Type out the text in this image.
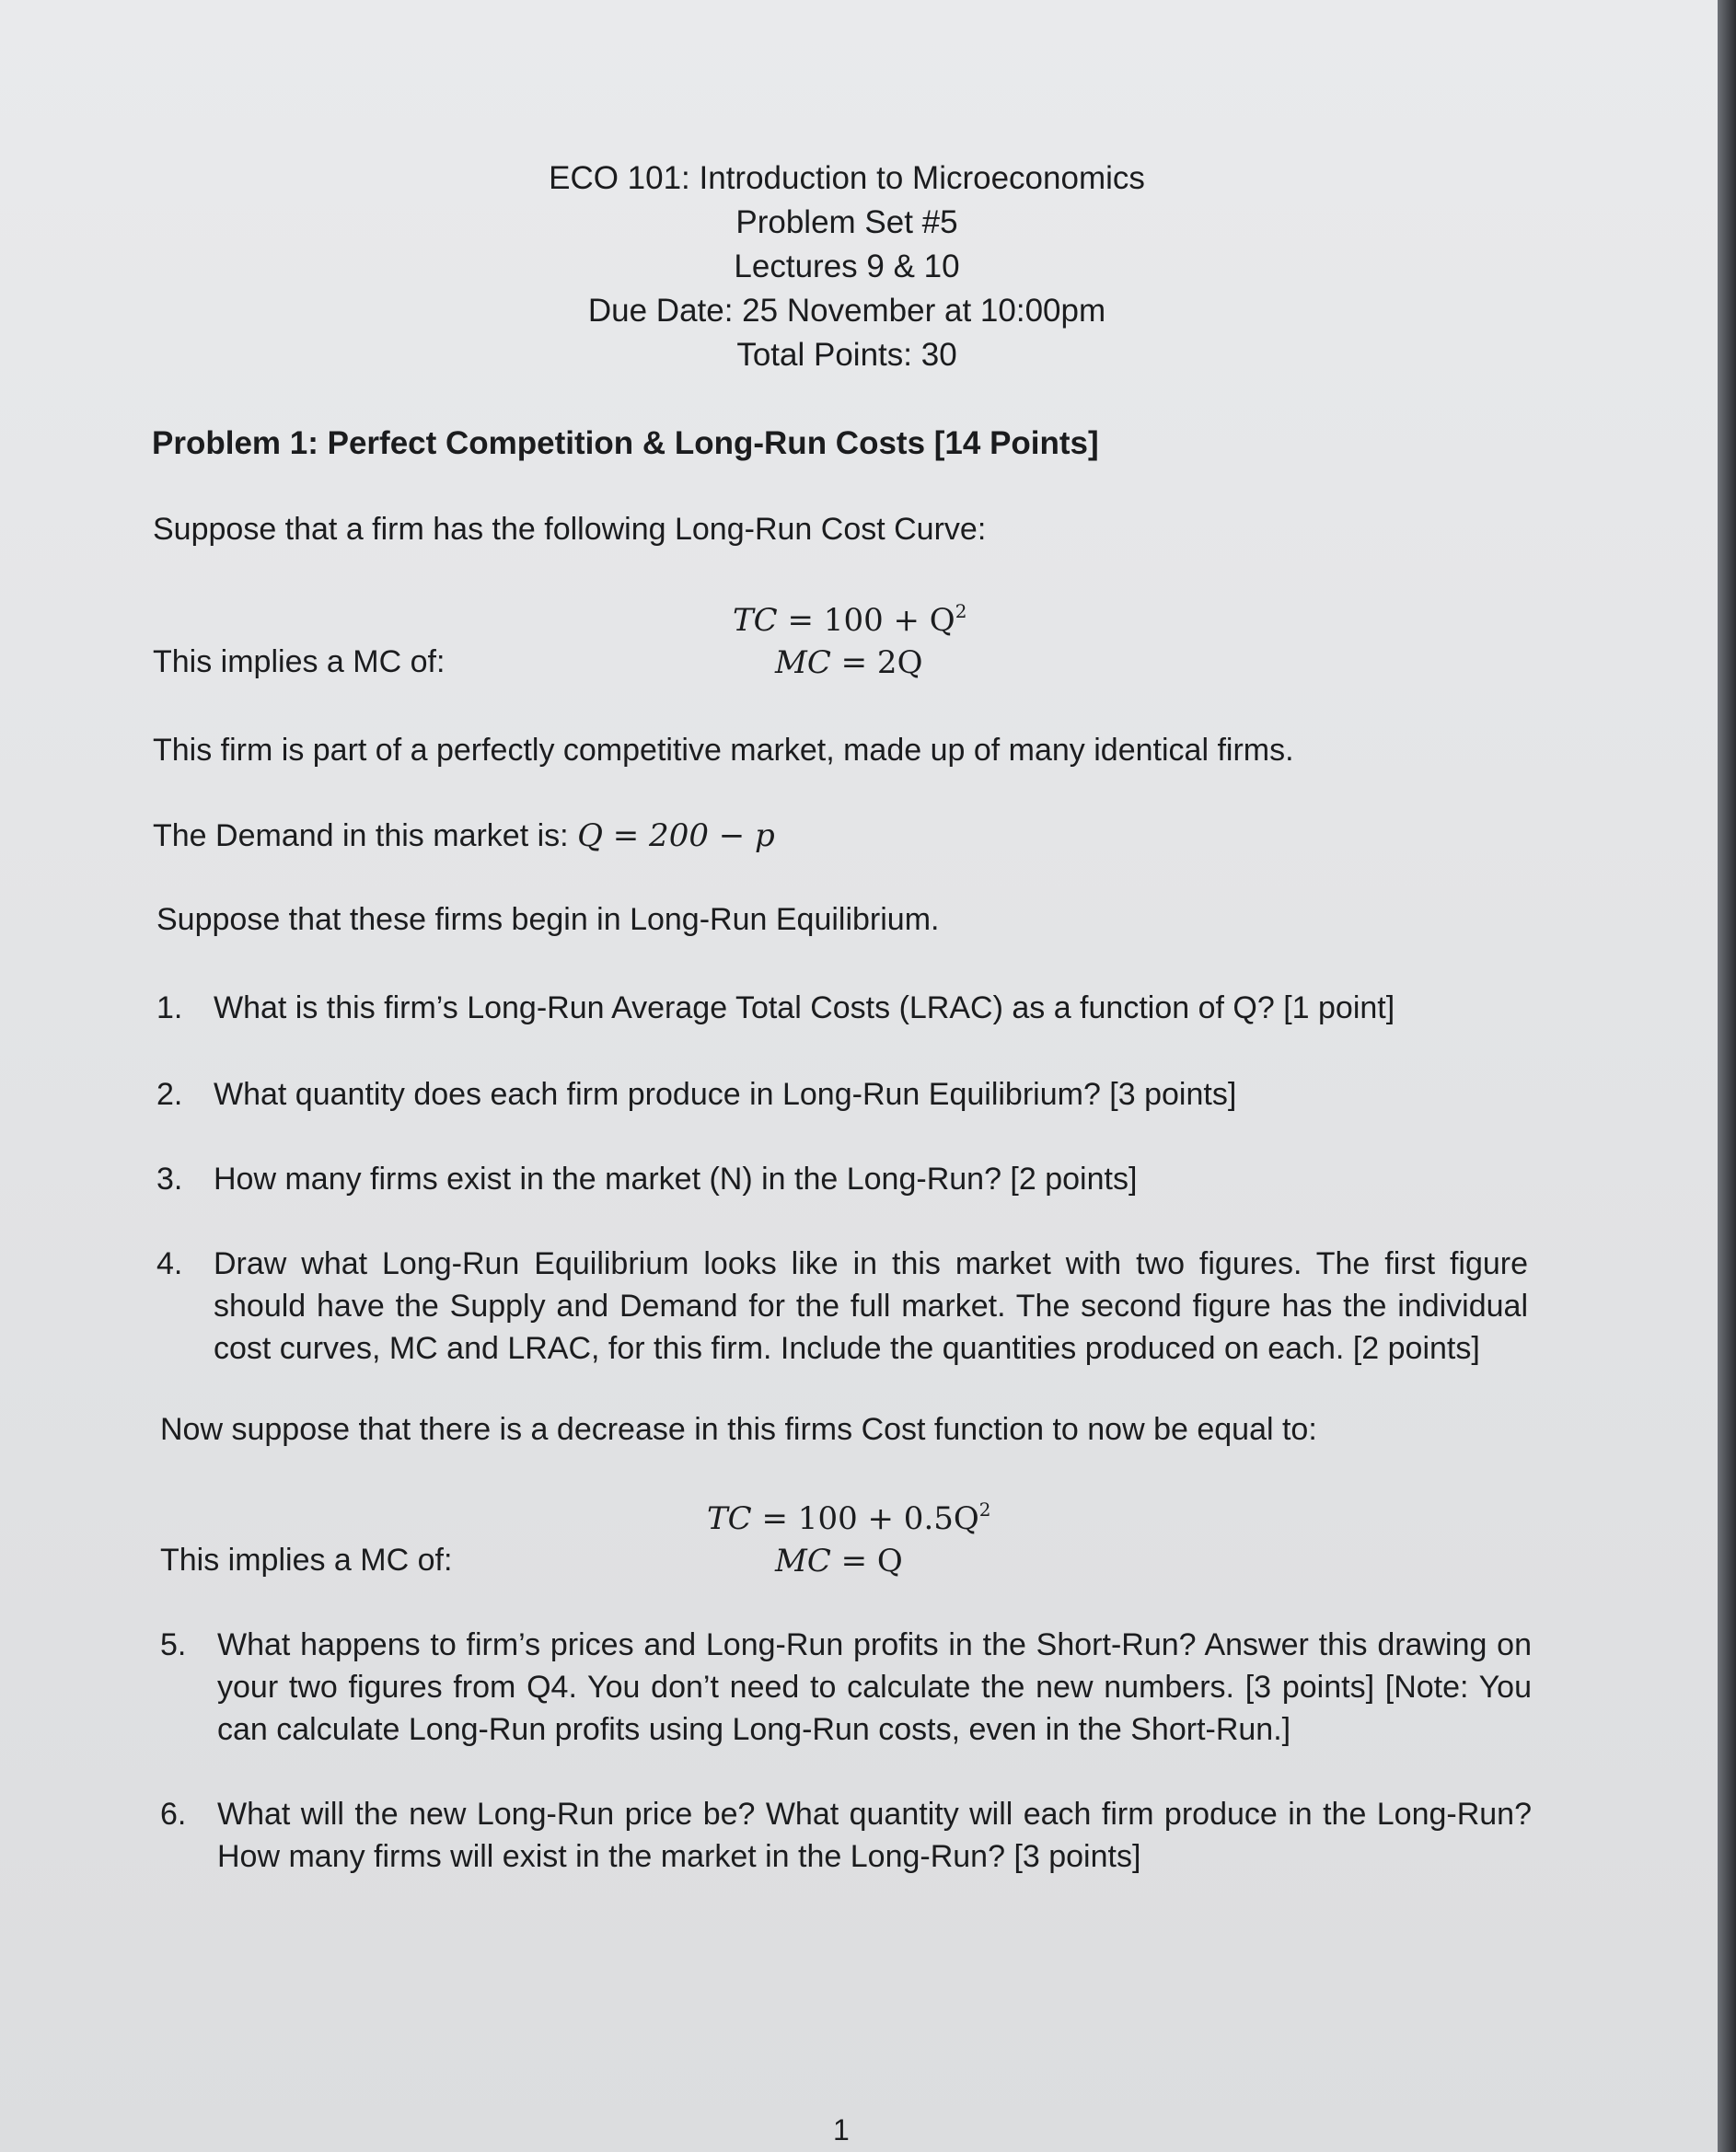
ECO 101: Introduction to Microeconomics
Problem Set #5
Lectures 9 & 10
Due Date: 25 November at 10:00pm
Total Points: 30
Problem 1: Perfect Competition & Long-Run Costs [14 Points]
Suppose that a firm has the following Long-Run Cost Curve:
TC = $100 + Q^2$
This implies a MC of:	MC = 2Q
This firm is part of a perfectly competitive market, made up of many identical firms.
The Demand in this market is: Q = 200 − p
Suppose that these firms begin in Long-Run Equilibrium.
1. What is this firm’s Long-Run Average Total Costs (LRAC) as a function of Q? [1 point]
2. What quantity does each firm produce in Long-Run Equilibrium? [3 points]
3. How many firms exist in the market (N) in the Long-Run? [2 points]
4. Draw what Long-Run Equilibrium looks like in this market with two figures. The first figure should have the Supply and Demand for the full market. The second figure has the individual cost curves, MC and LRAC, for this firm. Include the quantities produced on each. [2 points]
Now suppose that there is a decrease in this firms Cost function to now be equal to:
TC = $100 + 0.5Q^2$
This implies a MC of:	MC = Q
5. What happens to firm’s prices and Long-Run profits in the Short-Run? Answer this drawing on your two figures from Q4. You don’t need to calculate the new numbers. [3 points] [Note: You can calculate Long-Run profits using Long-Run costs, even in the Short-Run.]
6. What will the new Long-Run price be? What quantity will each firm produce in the Long-Run? How many firms will exist in the market in the Long-Run? [3 points]
1
